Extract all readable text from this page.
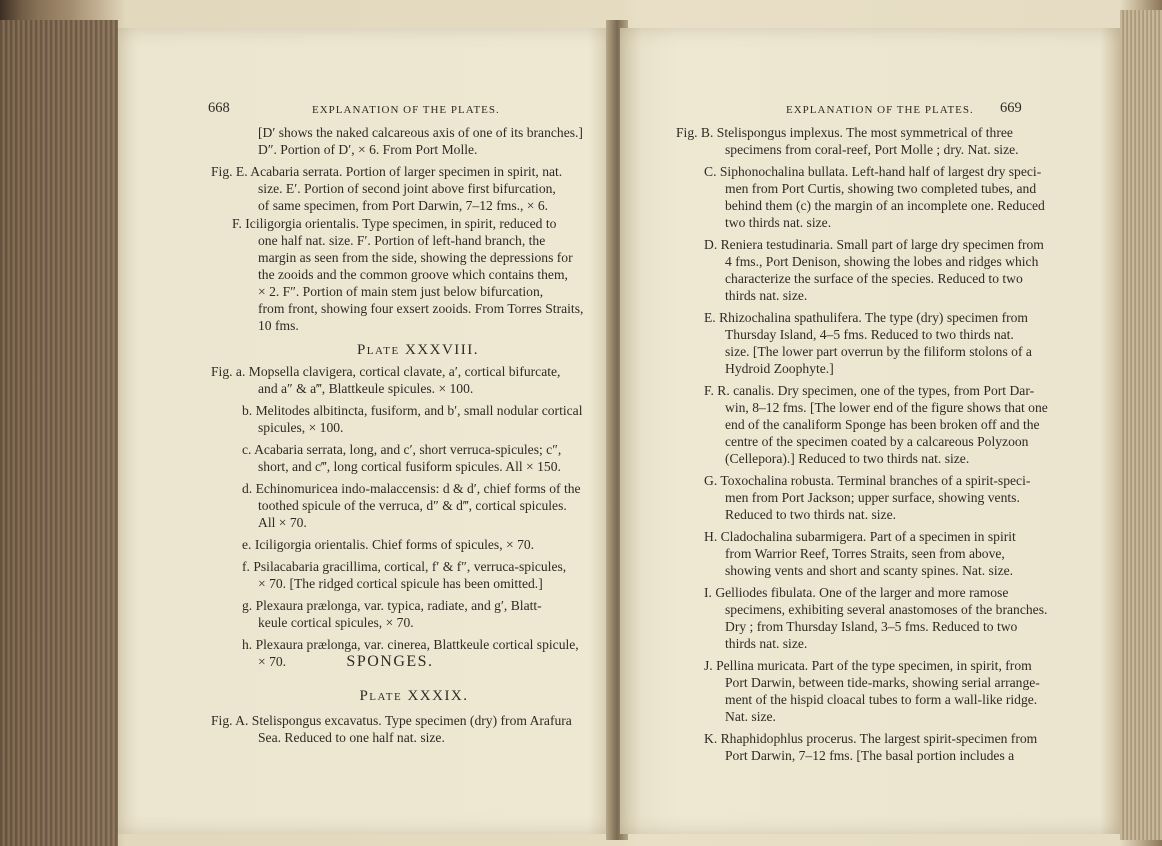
668	EXPLANATION OF THE PLATES.	EXPLANATION OF THE PLATES. 669
[D′ shows the naked calcareous axis of one of its branches.]
D″. Portion of D′, × 6. From Port Molle.
Fig. E. Acabaria serrata. Portion of larger specimen in spirit, nat.
size. E′. Portion of second joint above first bifurcation,
of same specimen, from Port Darwin, 7–12 fms., × 6.
F. Iciligorgia orientalis. Type specimen, in spirit, reduced to
one half nat. size. F′. Portion of left-hand branch, the
margin as seen from the side, showing the depressions for
the zooids and the common groove which contains them,
× 2. F″. Portion of main stem just below bifurcation,
from front, showing four exsert zooids. From Torres Straits,
10 fms.
Fig. a. Mopsella clavigera, cortical clavate, a′, cortical bifurcate,
and a″ & a‴, Blattkeule spicules. × 100.
b. Melitodes albitincta, fusiform, and b′, small nodular cortical
spicules, × 100.
c. Acabaria serrata, long, and c′, short verruca-spicules; c″,
short, and c‴, long cortical fusiform spicules. All × 150.
d. Echinomuricea indo-malaccensis: d & d′, chief forms of the
toothed spicule of the verruca, d″ & d‴, cortical spicules.
All × 70.
e. Iciligorgia orientalis. Chief forms of spicules, × 70.
f. Psilacabaria gracillima, cortical, f′ & f″, verruca-spicules,
× 70. [The ridged cortical spicule has been omitted.]
g. Plexaura prælonga, var. typica, radiate, and g′, Blatt-
keule cortical spicules, × 70.
h. Plexaura prælonga, var. cinerea, Blattkeule cortical spicule,
× 70.
Fig. A. Stelispongus excavatus. Type specimen (dry) from Arafura
Sea. Reduced to one half nat. size.
Plate XXXVIII.
SPONGES.
Plate XXXIX.
Fig. B. Stelispongus implexus. The most symmetrical of three
specimens from coral-reef, Port Molle ; dry. Nat. size.
C. Siphonochalina bullata. Left-hand half of largest dry speci-
men from Port Curtis, showing two completed tubes, and
behind them (c) the margin of an incomplete one. Reduced
two thirds nat. size.
D. Reniera testudinaria. Small part of large dry specimen from
4 fms., Port Denison, showing the lobes and ridges which
characterize the surface of the species. Reduced to two
thirds nat. size.
E. Rhizochalina spathulifera. The type (dry) specimen from
Thursday Island, 4–5 fms. Reduced to two thirds nat.
size. [The lower part overrun by the filiform stolons of a
Hydroid Zoophyte.]
F. R. canalis. Dry specimen, one of the types, from Port Dar-
win, 8–12 fms. [The lower end of the figure shows that one
end of the canaliform Sponge has been broken off and the
centre of the specimen coated by a calcareous Polyzoon
(Cellepora).] Reduced to two thirds nat. size.
G. Toxochalina robusta. Terminal branches of a spirit-speci-
men from Port Jackson; upper surface, showing vents.
Reduced to two thirds nat. size.
H. Cladochalina subarmigera. Part of a specimen in spirit
from Warrior Reef, Torres Straits, seen from above,
showing vents and short and scanty spines. Nat. size.
I. Gelliodes fibulata. One of the larger and more ramose
specimens, exhibiting several anastomoses of the branches.
Dry ; from Thursday Island, 3–5 fms. Reduced to two
thirds nat. size.
J. Pellina muricata. Part of the type specimen, in spirit, from
Port Darwin, between tide-marks, showing serial arrange-
ment of the hispid cloacal tubes to form a wall-like ridge.
Nat. size.
K. Rhaphidophlus procerus. The largest spirit-specimen from
Port Darwin, 7–12 fms. [The basal portion includes a
